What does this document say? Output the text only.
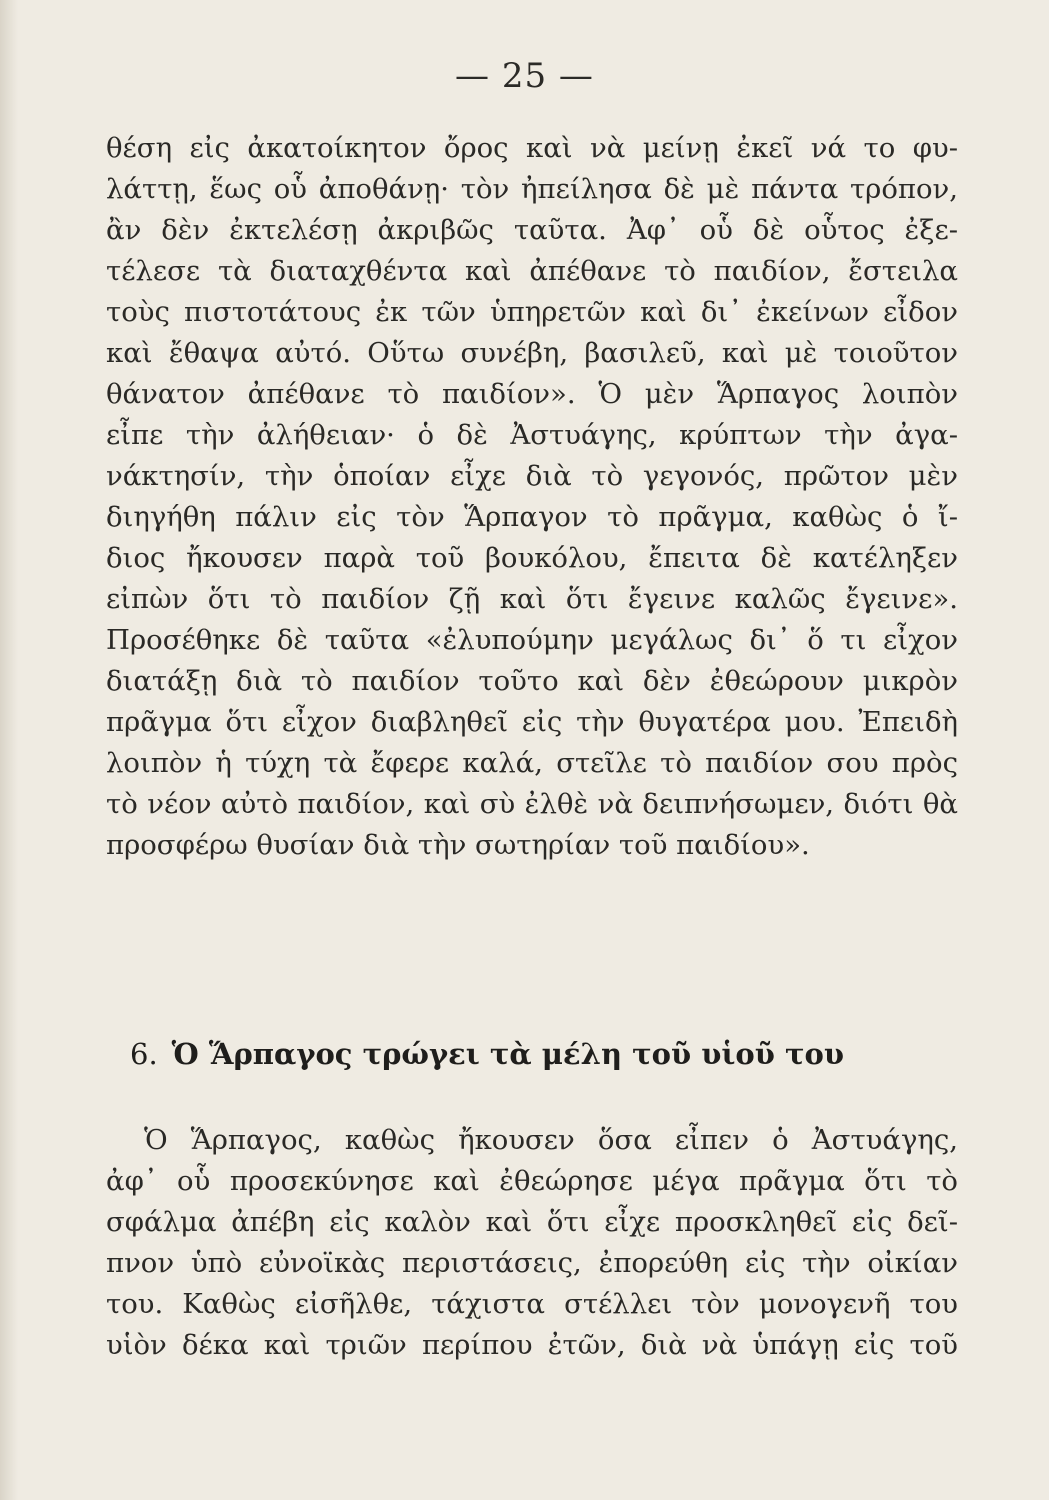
— 25 —
θέση εἰς ἀκατοίκητον ὄρος καὶ νὰ μείνῃ ἐκεῖ νά το φυ-
λάττῃ, ἕως οὗ ἀποθάνῃ· τὸν ἠπείλησα δὲ μὲ πάντα τρόπον,
ἂν δὲν ἐκτελέσῃ ἀκριβῶς ταῦτα. Ἀφ᾽ οὗ δὲ οὗτος ἐξε-
τέλεσε τὰ διαταχθέντα καὶ ἀπέθανε τὸ παιδίον, ἔστειλα
τοὺς πιστοτάτους ἐκ τῶν ὑπηρετῶν καὶ δι᾽ ἐκείνων εἶδον
καὶ ἔθαψα αὐτό. Οὕτω συνέβη, βασιλεῦ, καὶ μὲ τοιοῦτον
θάνατον ἀπέθανε τὸ παιδίον». Ὁ μὲν Ἅρπαγος λοιπὸν
εἶπε τὴν ἀλήθειαν· ὁ δὲ Ἀστυάγης, κρύπτων τὴν ἀγα-
νάκτησίν, τὴν ὁποίαν εἶχε διὰ τὸ γεγονός, πρῶτον μὲν
διηγήθη πάλιν εἰς τὸν Ἅρπαγον τὸ πρᾶγμα, καθὼς ὁ ἴ-
διος ἤκουσεν παρὰ τοῦ βουκόλου, ἔπειτα δὲ κατέληξεν
εἰπὼν ὅτι τὸ παιδίον ζῇ καὶ ὅτι ἔγεινε καλῶς ἔγεινε».
Προσέθηκε δὲ ταῦτα «ἐλυπούμην μεγάλως δι᾽ ὅ τι εἶχον
διατάξῃ διὰ τὸ παιδίον τοῦτο καὶ δὲν ἐθεώρουν μικρὸν
πρᾶγμα ὅτι εἶχον διαβληθεῖ εἰς τὴν θυγατέρα μου. Ἐπειδὴ
λοιπὸν ἡ τύχη τὰ ἔφερε καλά, στεῖλε τὸ παιδίον σου πρὸς
τὸ νέον αὐτὸ παιδίον, καὶ σὺ ἐλθὲ νὰ δειπνήσωμεν, διότι θὰ
προσφέρω θυσίαν διὰ τὴν σωτηρίαν τοῦ παιδίου».
6. Ὁ Ἅρπαγος τρώγει τὰ μέλη τοῦ υἱοῦ του
Ὁ Ἅρπαγος, καθὼς ἤκουσεν ὅσα εἶπεν ὁ Ἀστυάγης,
ἀφ᾽ οὗ προσεκύνησε καὶ ἐθεώρησε μέγα πρᾶγμα ὅτι τὸ
σφάλμα ἀπέβη εἰς καλὸν καὶ ὅτι εἶχε προσκληθεῖ εἰς δεῖ-
πνον ὑπὸ εὐνοϊκὰς περιστάσεις, ἐπορεύθη εἰς τὴν οἰκίαν
του. Καθὼς εἰσῆλθε, τάχιστα στέλλει τὸν μονογενῆ του
υἱὸν δέκα καὶ τριῶν περίπου ἐτῶν, διὰ νὰ ὑπάγῃ εἰς τοῦ
